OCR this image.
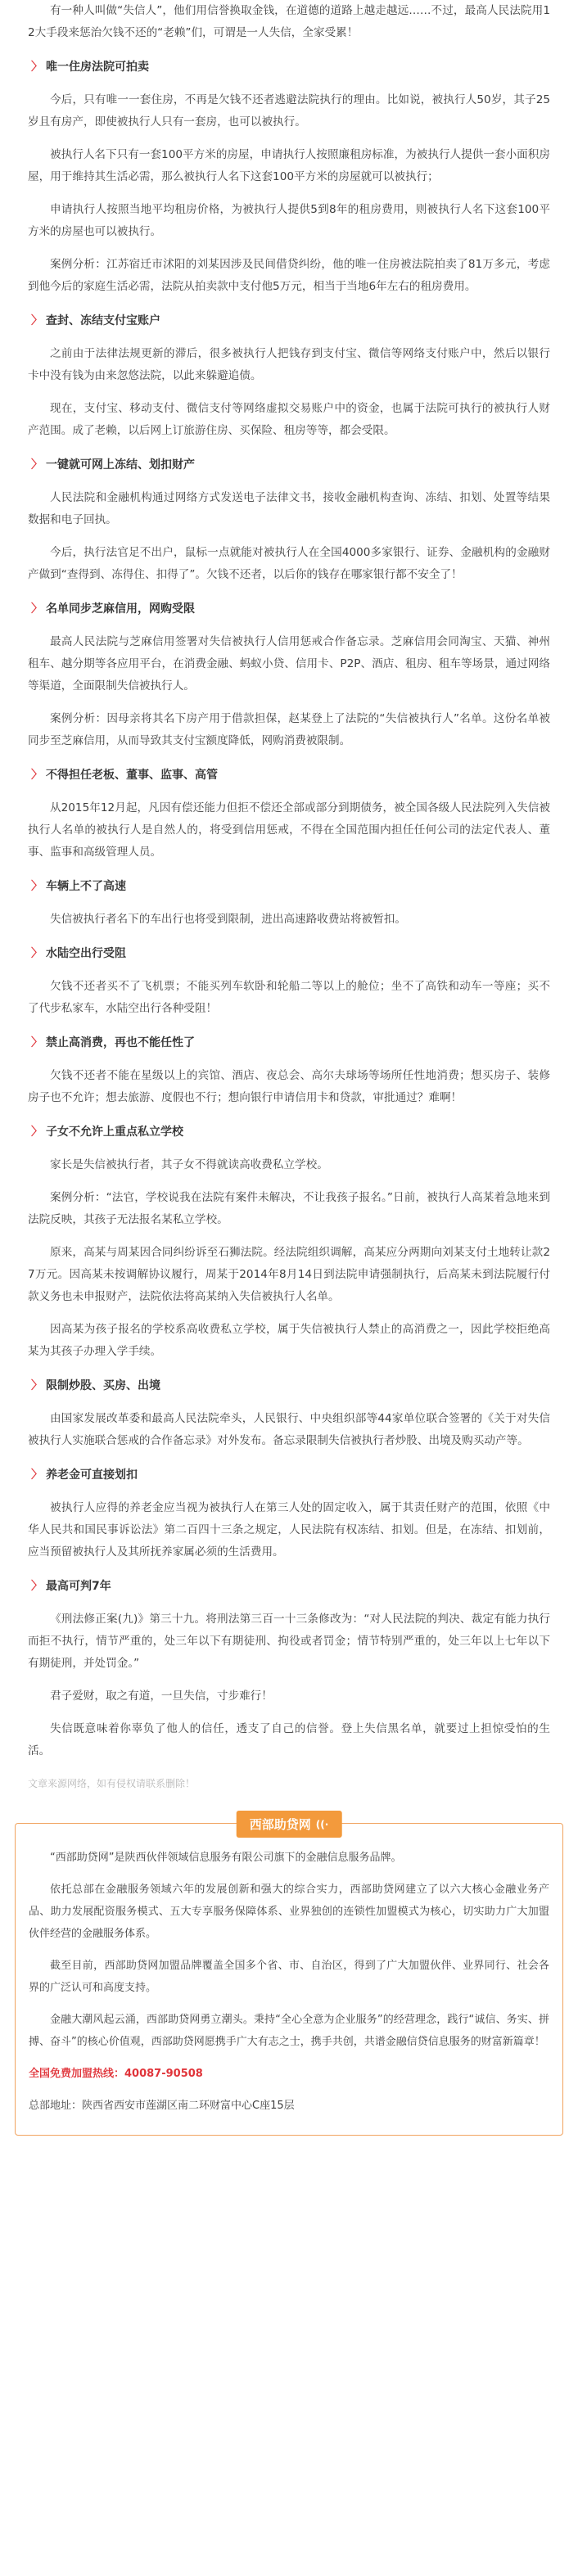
有一种人叫做“失信人”，他们用信誉换取金钱，在道德的道路上越走越远……不过，最高人民法院用12大手段来惩治欠钱不还的“老赖”们，可谓是一人失信，全家受累！

〉 唯一住房法院可拍卖

今后，只有唯一一套住房，不再是欠钱不还者逃避法院执行的理由。比如说，被执行人50岁，其子25岁且有房产，即使被执行人只有一套房，也可以被执行。

被执行人名下只有一套100平方米的房屋，申请执行人按照廉租房标准，为被执行人提供一套小面积房屋，用于维持其生活必需，那么被执行人名下这套100平方米的房屋就可以被执行；

申请执行人按照当地平均租房价格，为被执行人提供5到8年的租房费用，则被执行人名下这套100平方米的房屋也可以被执行。

案例分析：江苏宿迁市沭阳的刘某因涉及民间借贷纠纷，他的唯一住房被法院拍卖了81万多元，考虑到他今后的家庭生活必需，法院从拍卖款中支付他5万元，相当于当地6年左右的租房费用。

〉 查封、冻结支付宝账户

之前由于法律法规更新的滞后，很多被执行人把钱存到支付宝、微信等网络支付账户中，然后以银行卡中没有钱为由来忽悠法院，以此来躲避追债。

现在，支付宝、移动支付、微信支付等网络虚拟交易账户中的资金，也属于法院可执行的被执行人财产范围。成了老赖，以后网上订旅游住房、买保险、租房等等，都会受限。

〉 一键就可网上冻结、划扣财产

人民法院和金融机构通过网络方式发送电子法律文书，接收金融机构查询、冻结、扣划、处置等结果数据和电子回执。

今后，执行法官足不出户，鼠标一点就能对被执行人在全国4000多家银行、证券、金融机构的金融财产做到“查得到、冻得住、扣得了”。欠钱不还者，以后你的钱存在哪家银行都不安全了！

〉 名单同步芝麻信用，网购受限

最高人民法院与芝麻信用签署对失信被执行人信用惩戒合作备忘录。芝麻信用会同淘宝、天猫、神州租车、越分期等各应用平台，在消费金融、蚂蚁小贷、信用卡、P2P、酒店、租房、租车等场景，通过网络等渠道，全面限制失信被执行人。

案例分析：因母亲将其名下房产用于借款担保，赵某登上了法院的“失信被执行人”名单。这份名单被同步至芝麻信用，从而导致其支付宝额度降低，网购消费被限制。

〉 不得担任老板、董事、监事、高管

从2015年12月起，凡因有偿还能力但拒不偿还全部或部分到期债务，被全国各级人民法院列入失信被执行人名单的被执行人是自然人的，将受到信用惩戒，不得在全国范围内担任任何公司的法定代表人、董事、监事和高级管理人员。

〉 车辆上不了高速

失信被执行者名下的车出行也将受到限制，进出高速路收费站将被暂扣。

〉 水陆空出行受阻

欠钱不还者买不了飞机票；不能买列车软卧和轮船二等以上的舱位；坐不了高铁和动车一等座；买不了代步私家车，水陆空出行各种受阻！

〉 禁止高消费，再也不能任性了

欠钱不还者不能在星级以上的宾馆、酒店、夜总会、高尔夫球场等场所任性地消费；想买房子、装修房子也不允许；想去旅游、度假也不行；想向银行申请信用卡和贷款，审批通过？难啊！

〉 子女不允许上重点私立学校

家长是失信被执行者，其子女不得就读高收费私立学校。

案例分析：“法官，学校说我在法院有案件未解决，不让我孩子报名。”日前，被执行人高某着急地来到法院反映，其孩子无法报名某私立学校。

原来，高某与周某因合同纠纷诉至石狮法院。经法院组织调解，高某应分两期向刘某支付土地转让款27万元。因高某未按调解协议履行，周某于2014年8月14日到法院申请强制执行，后高某未到法院履行付款义务也未申报财产，法院依法将高某纳入失信被执行人名单。

因高某为孩子报名的学校系高收费私立学校，属于失信被执行人禁止的高消费之一，因此学校拒绝高某为其孩子办理入学手续。

〉 限制炒股、买房、出境

由国家发展改革委和最高人民法院牵头，人民银行、中央组织部等44家单位联合签署的《关于对失信被执行人实施联合惩戒的合作备忘录》对外发布。备忘录限制失信被执行者炒股、出境及购买动产等。

〉 养老金可直接划扣

被执行人应得的养老金应当视为被执行人在第三人处的固定收入，属于其责任财产的范围，依照《中华人民共和国民事诉讼法》第二百四十三条之规定，人民法院有权冻结、扣划。但是，在冻结、扣划前，应当预留被执行人及其所抚养家属必须的生活费用。

〉 最高可判7年

《刑法修正案(九)》第三十九。将刑法第三百一十三条修改为：“对人民法院的判决、裁定有能力执行而拒不执行，情节严重的，处三年以下有期徒刑、拘役或者罚金；情节特别严重的，处三年以上七年以下有期徒刑，并处罚金。”

君子爱财，取之有道，一旦失信，寸步难行！

失信既意味着你辜负了他人的信任，透支了自己的信誉。登上失信黑名单，就要过上担惊受怕的生活。

文章来源网络，如有侵权请联系删除！
西部助贷网 ((·

“西部助贷网”是陕西伙伴领域信息服务有限公司旗下的金融信息服务品牌。

依托总部在金融服务领域六年的发展创新和强大的综合实力，西部助贷网建立了以六大核心金融业务产品、助力发展配资服务模式、五大专享服务保障体系、业界独创的连锁性加盟模式为核心，切实助力广大加盟伙伴经营的金融服务体系。

截至目前，西部助贷网加盟品牌覆盖全国多个省、市、自治区，得到了广大加盟伙伴、业界同行、社会各界的广泛认可和高度支持。

金融大潮风起云涌，西部助贷网勇立潮头。秉持“全心全意为企业服务”的经营理念，践行“诚信、务实、拼搏、奋斗”的核心价值观，西部助贷网愿携手广大有志之士，携手共创，共谱金融信贷信息服务的财富新篇章！

全国免费加盟热线：40087-90508

总部地址：陕西省西安市莲湖区南二环财富中心C座15层
